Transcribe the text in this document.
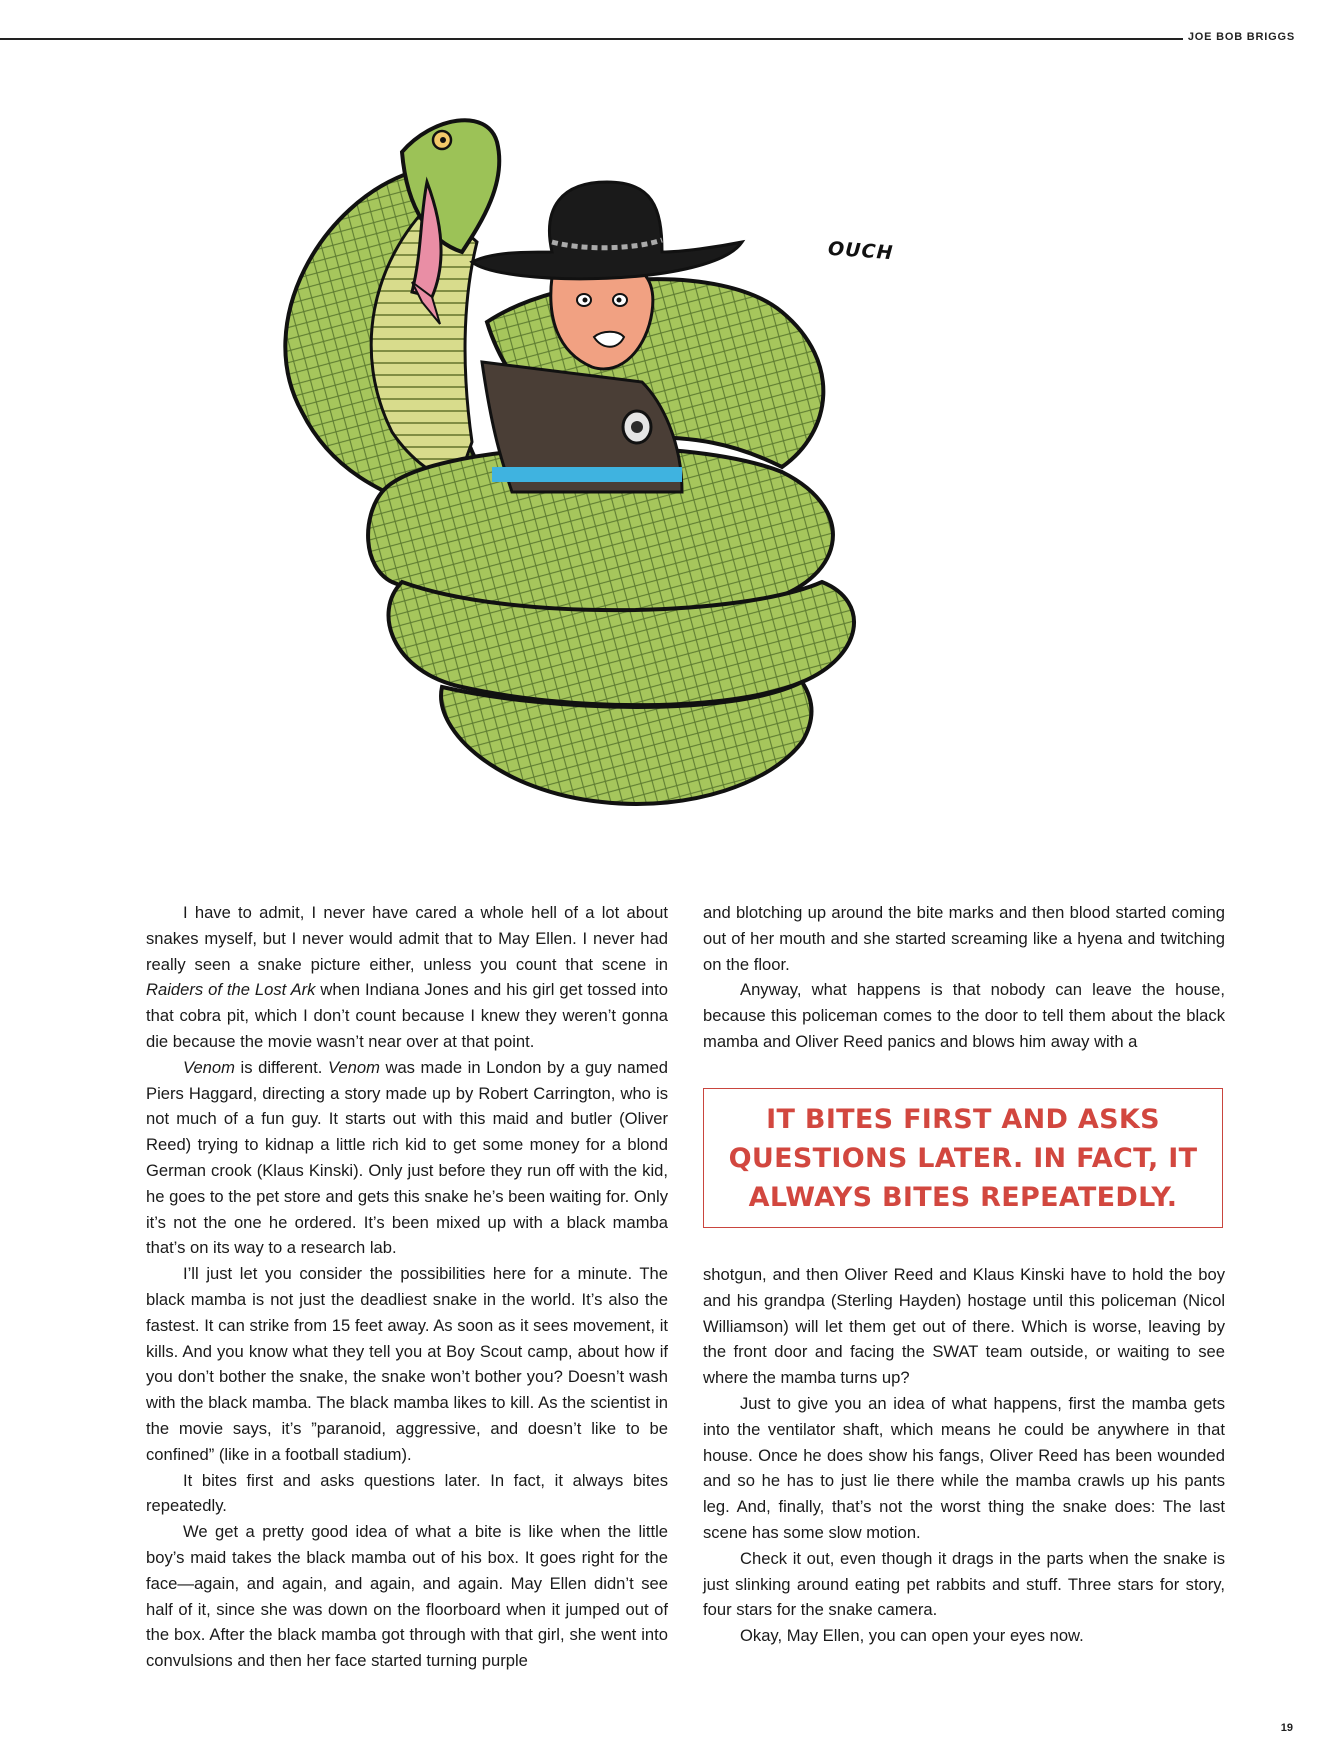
JOE BOB BRIGGS
OUCH

I have to admit, I never have cared a whole hell of a lot about snakes myself, but I never would admit that to May Ellen. I never had really seen a snake picture either, unless you count that scene in Raiders of the Lost Ark when Indiana Jones and his girl get tossed into that cobra pit, which I don’t count because I knew they weren’t gonna die because the movie wasn’t near over at that point.

Venom is different. Venom was made in London by a guy named Piers Haggard, directing a story made up by Robert Carrington, who is not much of a fun guy. It starts out with this maid and butler (Oliver Reed) trying to kidnap a little rich kid to get some money for a blond German crook (Klaus Kinski). Only just before they run off with the kid, he goes to the pet store and gets this snake he’s been waiting for. Only it’s not the one he ordered. It’s been mixed up with a black mamba that’s on its way to a research lab.

I’ll just let you consider the possibilities here for a minute. The black mamba is not just the deadliest snake in the world. It’s also the fastest. It can strike from 15 feet away. As soon as it sees movement, it kills. And you know what they tell you at Boy Scout camp, about how if you don’t bother the snake, the snake won’t bother you? Doesn’t wash with the black mamba. The black mamba likes to kill. As the scientist in the movie says, it’s ”paranoid, aggressive, and doesn’t like to be confined” (like in a football stadium).

It bites first and asks questions later. In fact, it always bites repeatedly.

We get a pretty good idea of what a bite is like when the little boy’s maid takes the black mamba out of his box. It goes right for the face—again, and again, and again, and again. May Ellen didn’t see half of it, since she was down on the floorboard when it jumped out of the box. After the black mamba got through with that girl, she went into convulsions and then her face started turning purple

and blotching up around the bite marks and then blood started coming out of her mouth and she started screaming like a hyena and twitching on the floor.

Anyway, what happens is that nobody can leave the house, because this policeman comes to the door to tell them about the black mamba and Oliver Reed panics and blows him away with a

IT BITES FIRST AND ASKS QUESTIONS LATER. IN FACT, IT ALWAYS BITES REPEATEDLY.

shotgun, and then Oliver Reed and Klaus Kinski have to hold the boy and his grandpa (Sterling Hayden) hostage until this policeman (Nicol Williamson) will let them get out of there. Which is worse, leaving by the front door and facing the SWAT team outside, or waiting to see where the mamba turns up?

Just to give you an idea of what happens, first the mamba gets into the ventilator shaft, which means he could be anywhere in that house. Once he does show his fangs, Oliver Reed has been wounded and so he has to just lie there while the mamba crawls up his pants leg. And, finally, that’s not the worst thing the snake does: The last scene has some slow motion.

Check it out, even though it drags in the parts when the snake is just slinking around eating pet rabbits and stuff. Three stars for story, four stars for the snake camera.

Okay, May Ellen, you can open your eyes now.

19
